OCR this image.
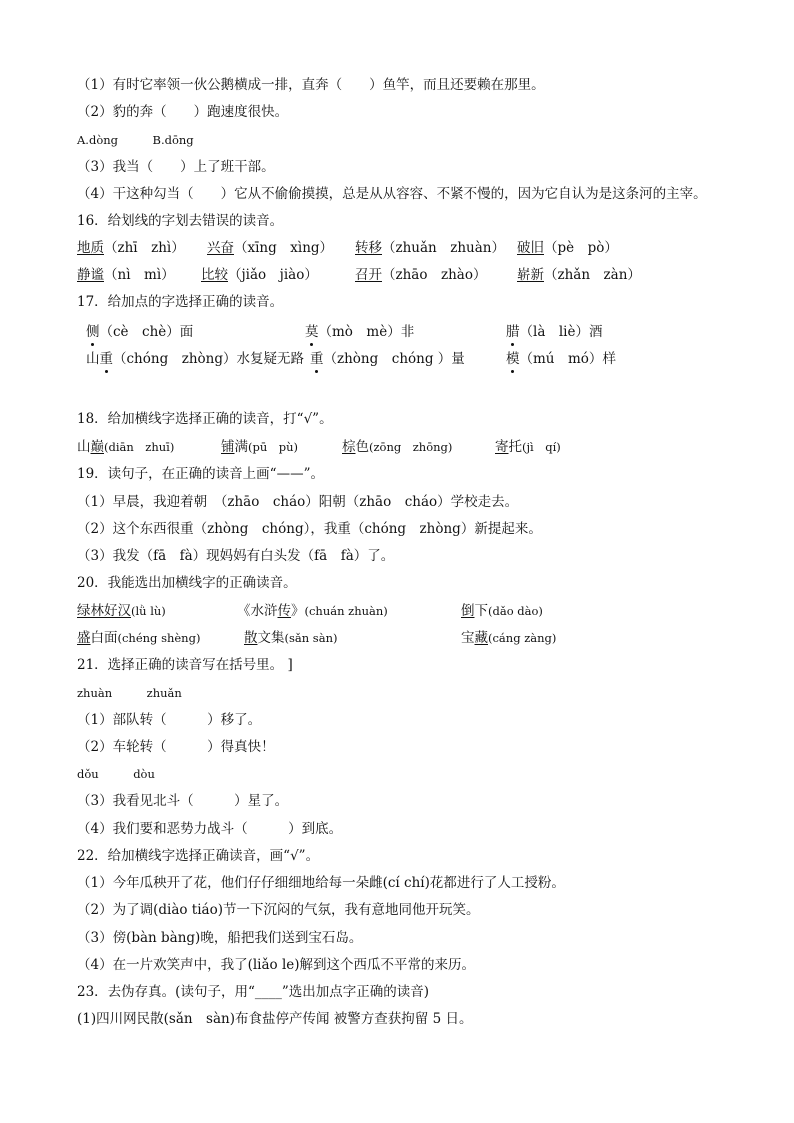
（1）有时它率领一伙公鹅横成一排，直奔（　　）鱼竿，而且还要赖在那里。
（2）豹的奔（　　）跑速度很快。
A.dòng　　　B.dōng
（3）我当（　　）上了班干部。
（4）干这种勾当（　　）它从不偷偷摸摸，总是从从容容、不紧不慢的，因为它自认为是这条河的主宰。
16．给划线的字划去错误的读音。
地质（zhī　zhì） 兴奋（xīng　xìng） 转移（zhuǎn　zhuàn） 破旧（pè　pò）
静谧（nì　mì） 比较（jiǎo　jiào）	召开（zhāo　zhào） 崭新（zhǎn　zàn）
17．给加点的字选择正确的读音。
侧（cè　chè）面	莫（mò　mè）非	腊（là　liè）酒
山重（chóng　zhòng）水复疑无路 重（zhòng　chóng ）量	模（mú　mó）样
18．给加横线字选择正确的读音，打“√”。
山巅(diān　zhuī)	铺满(pū　pù)	棕色(zōng　zhōng)	寄托(jì　qí)
19．读句子，在正确的读音上画“——”。
（1）早晨，我迎着朝　（zhāo　cháo）阳朝（zhāo　cháo）学校走去。
（2）这个东西很重（zhòng　chóng），我重（chóng　zhòng）新提起来。
（3）我发（fā　fà）现妈妈有白头发（fā　fà）了。
20．我能选出加横线字的正确读音。
绿林好汉(lǜ lù)	《水浒传》(chuán zhuàn)	倒下(dǎo dào)
盛白面(chéng shèng)	散文集(sǎn sàn)	宝藏(cáng zàng)
21．选择正确的读音写在括号里。 ]
zhuàn　　　zhuǎn
（1）部队转（　　　）移了。
（2）车轮转（　　　）得真快！
dǒu　　　dòu
（3）我看见北斗（　　　）星了。
（4）我们要和恶势力战斗（　　　）到底。
22．给加横线字选择正确读音，画“√”。
（1）今年瓜秧开了花，他们仔仔细细地给每一朵雌(cí chí)花都进行了人工授粉。
（2）为了调(diào tiáo)节一下沉闷的气氛，我有意地同他开玩笑。
（3）傍(bàn bàng)晚，船把我们送到宝石岛。
（4）在一片欢笑声中，我了(liǎo le)解到这个西瓜不平常的来历。
23．去伪存真。(读句子，用“____”选出加点字正确的读音)
(1)四川网民散(sǎn　sàn)布食盐停产传闻 被警方查获拘留 5 日。
